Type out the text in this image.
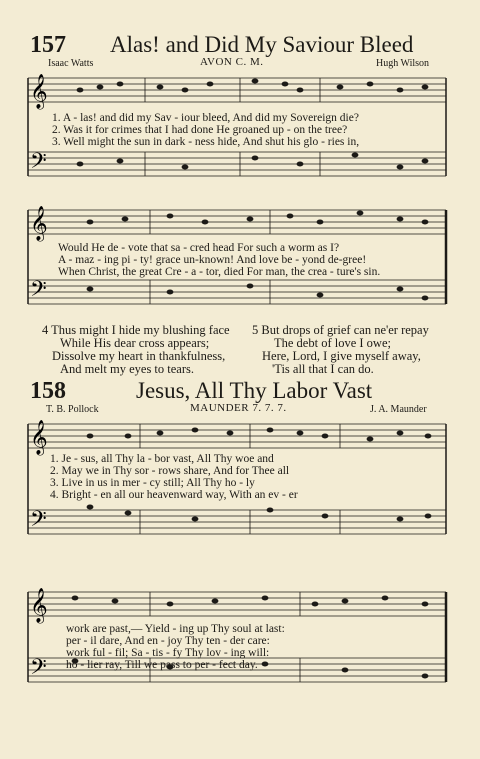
157 Alas! and Did My Saviour Bleed
Isaac Watts	AVON C. M.	Hugh Wilson
𝄞
𝄢
1. A - las! and did my Sav - iour bleed, And did my Sovereign die?
2. Was it for crimes that I had done He groaned up - on the tree?
3. Well might the sun in dark - ness hide, And shut his glo - ries in,
𝄞
𝄢
Would He de - vote that sa - cred head For such a worm as I?
A - maz - ing pi - ty! grace un-known! And love be - yond de-gree!
When Christ, the great Cre - a - tor, died For man, the crea - ture's sin.
4 Thus might I hide my blushing face
While His dear cross appears;
Dissolve my heart in thankfulness,
And melt my eyes to tears.
5 But drops of grief can ne'er repay
The debt of love I owe;
Here, Lord, I give myself away,
'Tis all that I can do.
158	Jesus, All Thy Labor Vast
T. B. Pollock	MAUNDER 7. 7. 7.	J. A. Maunder
𝄞
𝄢
1. Je - sus, all Thy la - bor vast, All Thy woe and
2. May we in Thy sor - rows share, And for Thee all
3. Live in us in mer - cy still; All Thy ho - ly
4. Bright - en all our heavenward way, With an ev - er
𝄞
𝄢
work are past,— Yield - ing up Thy soul at last:
per - il dare, And en - joy Thy ten - der care:
work ful - fil; Sa - tis - fy Thy lov - ing will:
ho - lier ray, Till we pass to per - fect day.
